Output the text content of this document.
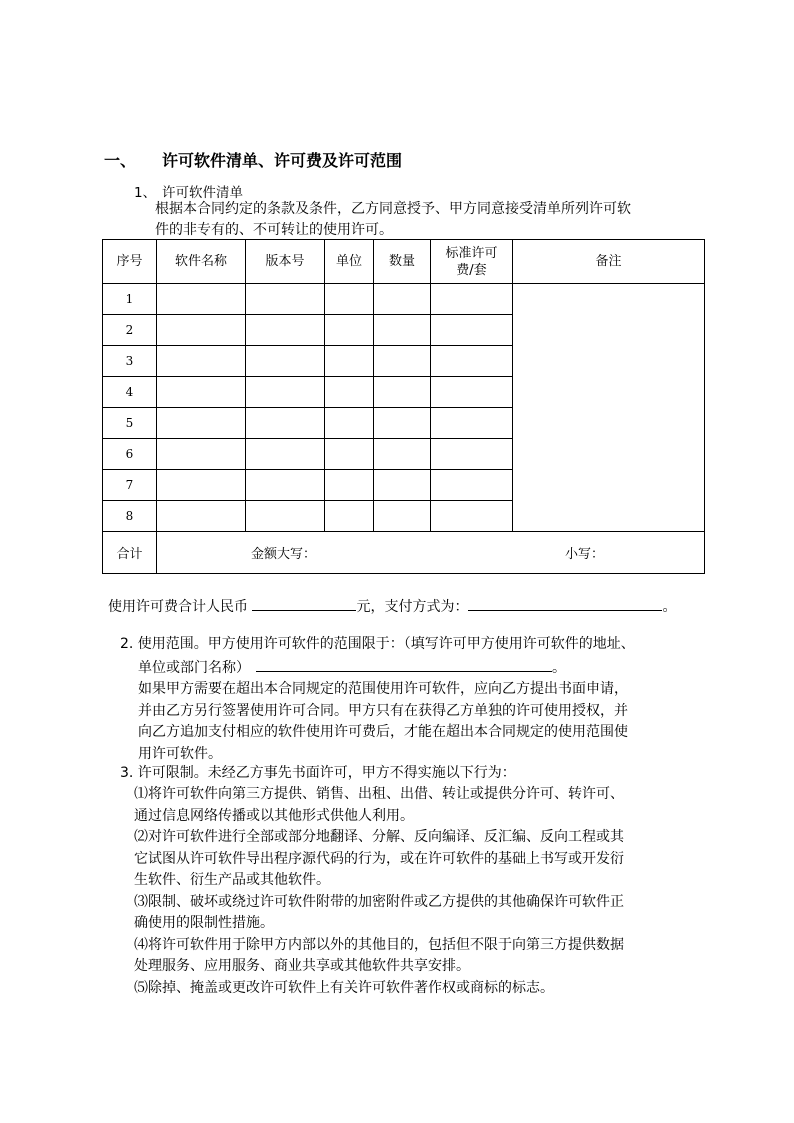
一、 许可软件清单、许可费及许可范围
1、 许可软件清单
根据本合同约定的条款及条件，乙方同意授予、甲方同意接受清单所列许可软
件的非专有的、不可转让的使用许可。
序号	软件名称	版本号	单位	数量	标准许可
费/套	备注
1						
2						
3						
4						
5						
6						
7						
8						
合计	金额大写： 小写：					
使用许可费合计人民币	元，支付方式为：	。
2. 使用范围。甲方使用许可软件的范围限于：（填写许可甲方使用许可软件的地址、
单位或部门名称）	。
如果甲方需要在超出本合同规定的范围使用许可软件，应向乙方提出书面申请，
并由乙方另行签署使用许可合同。甲方只有在获得乙方单独的许可使用授权，并
向乙方追加支付相应的软件使用许可费后，才能在超出本合同规定的使用范围使
用许可软件。
3. 许可限制。未经乙方事先书面许可，甲方不得实施以下行为：
⑴将许可软件向第三方提供、销售、出租、出借、转让或提供分许可、转许可、
通过信息网络传播或以其他形式供他人利用。
⑵对许可软件进行全部或部分地翻译、分解、反向编译、反汇编、反向工程或其
它试图从许可软件导出程序源代码的行为，或在许可软件的基础上书写或开发衍
生软件、衍生产品或其他软件。
⑶限制、破坏或绕过许可软件附带的加密附件或乙方提供的其他确保许可软件正
确使用的限制性措施。
⑷将许可软件用于除甲方内部以外的其他目的，包括但不限于向第三方提供数据
处理服务、应用服务、商业共享或其他软件共享安排。
⑸除掉、掩盖或更改许可软件上有关许可软件著作权或商标的标志。
